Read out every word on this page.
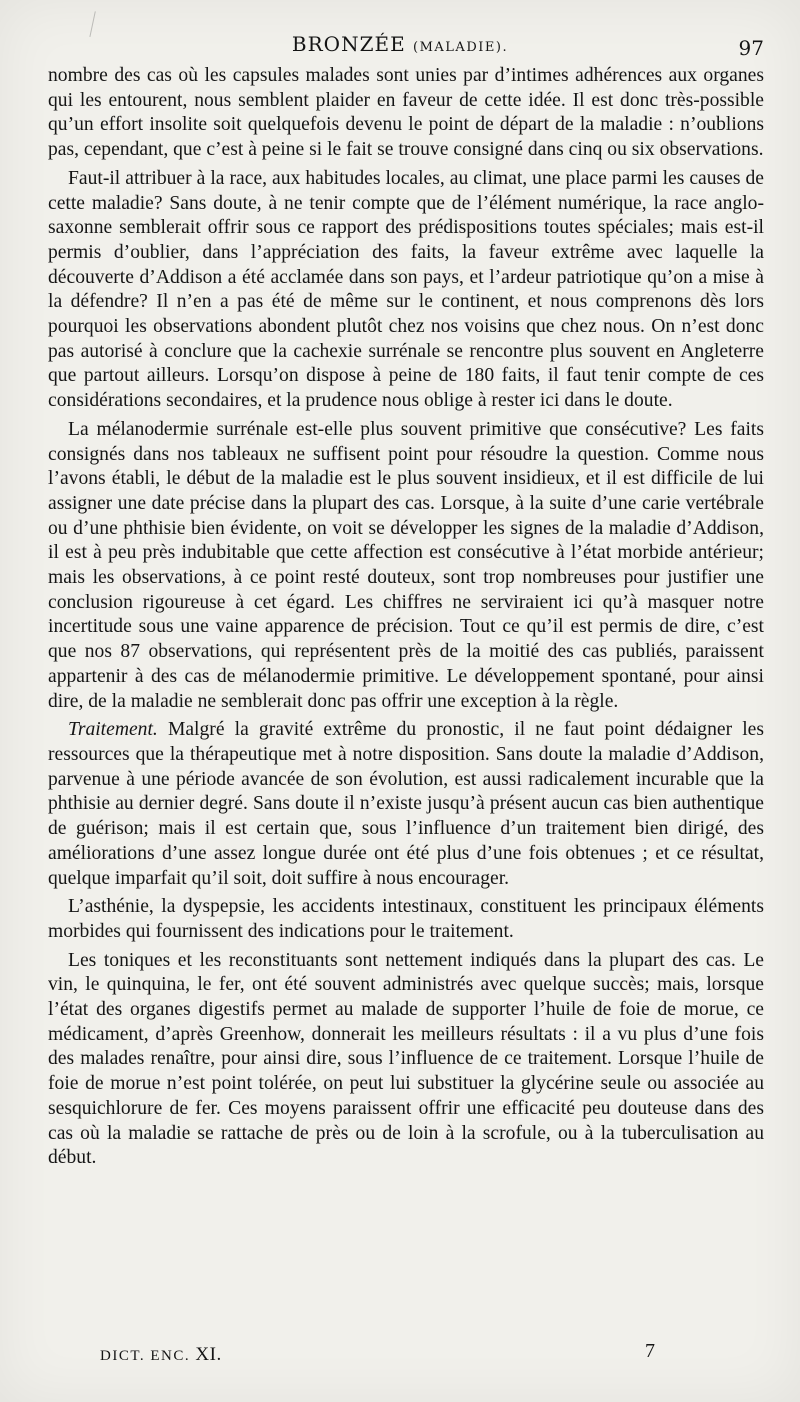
BRONZÉE (MALADIE).	97

nombre des cas où les capsules malades sont unies par d’intimes adhérences aux organes qui les entourent, nous semblent plaider en faveur de cette idée. Il est donc très-possible qu’un effort insolite soit quelquefois devenu le point de départ de la maladie : n’oublions pas, cependant, que c’est à peine si le fait se trouve consigné dans cinq ou six observations.

Faut-il attribuer à la race, aux habitudes locales, au climat, une place parmi les causes de cette maladie? Sans doute, à ne tenir compte que de l’élément numérique, la race anglo-saxonne semblerait offrir sous ce rapport des prédispositions toutes spéciales; mais est-il permis d’oublier, dans l’appréciation des faits, la faveur extrême avec laquelle la découverte d’Addison a été acclamée dans son pays, et l’ardeur patriotique qu’on a mise à la défendre? Il n’en a pas été de même sur le continent, et nous comprenons dès lors pourquoi les observations abondent plutôt chez nos voisins que chez nous. On n’est donc pas autorisé à conclure que la cachexie surrénale se rencontre plus souvent en Angleterre que partout ailleurs. Lorsqu’on dispose à peine de 180 faits, il faut tenir compte de ces considérations secondaires, et la prudence nous oblige à rester ici dans le doute.

La mélanodermie surrénale est-elle plus souvent primitive que consécutive? Les faits consignés dans nos tableaux ne suffisent point pour résoudre la question. Comme nous l’avons établi, le début de la maladie est le plus souvent insidieux, et il est difficile de lui assigner une date précise dans la plupart des cas. Lorsque, à la suite d’une carie vertébrale ou d’une phthisie bien évidente, on voit se développer les signes de la maladie d’Addison, il est à peu près indubitable que cette affection est consécutive à l’état morbide antérieur; mais les observations, à ce point resté douteux, sont trop nombreuses pour justifier une conclusion rigoureuse à cet égard. Les chiffres ne serviraient ici qu’à masquer notre incertitude sous une vaine apparence de précision. Tout ce qu’il est permis de dire, c’est que nos 87 observations, qui représentent près de la moitié des cas publiés, paraissent appartenir à des cas de mélanodermie primitive. Le développement spontané, pour ainsi dire, de la maladie ne semblerait donc pas offrir une exception à la règle.

Traitement. Malgré la gravité extrême du pronostic, il ne faut point dédaigner les ressources que la thérapeutique met à notre disposition. Sans doute la maladie d’Addison, parvenue à une période avancée de son évolution, est aussi radicalement incurable que la phthisie au dernier degré. Sans doute il n’existe jusqu’à présent aucun cas bien authentique de guérison; mais il est certain que, sous l’influence d’un traitement bien dirigé, des améliorations d’une assez longue durée ont été plus d’une fois obtenues ; et ce résultat, quelque imparfait qu’il soit, doit suffire à nous encourager.

L’asthénie, la dyspepsie, les accidents intestinaux, constituent les principaux éléments morbides qui fournissent des indications pour le traitement.

Les toniques et les reconstituants sont nettement indiqués dans la plupart des cas. Le vin, le quinquina, le fer, ont été souvent administrés avec quelque succès; mais, lorsque l’état des organes digestifs permet au malade de supporter l’huile de foie de morue, ce médicament, d’après Greenhow, donnerait les meilleurs résultats : il a vu plus d’une fois des malades renaître, pour ainsi dire, sous l’influence de ce traitement. Lorsque l’huile de foie de morue n’est point tolérée, on peut lui substituer la glycérine seule ou associée au sesquichlorure de fer. Ces moyens paraissent offrir une efficacité peu douteuse dans des cas où la maladie se rattache de près ou de loin à la scrofule, ou à la tuberculisation au début.

DICT. ENC. XI.	7
